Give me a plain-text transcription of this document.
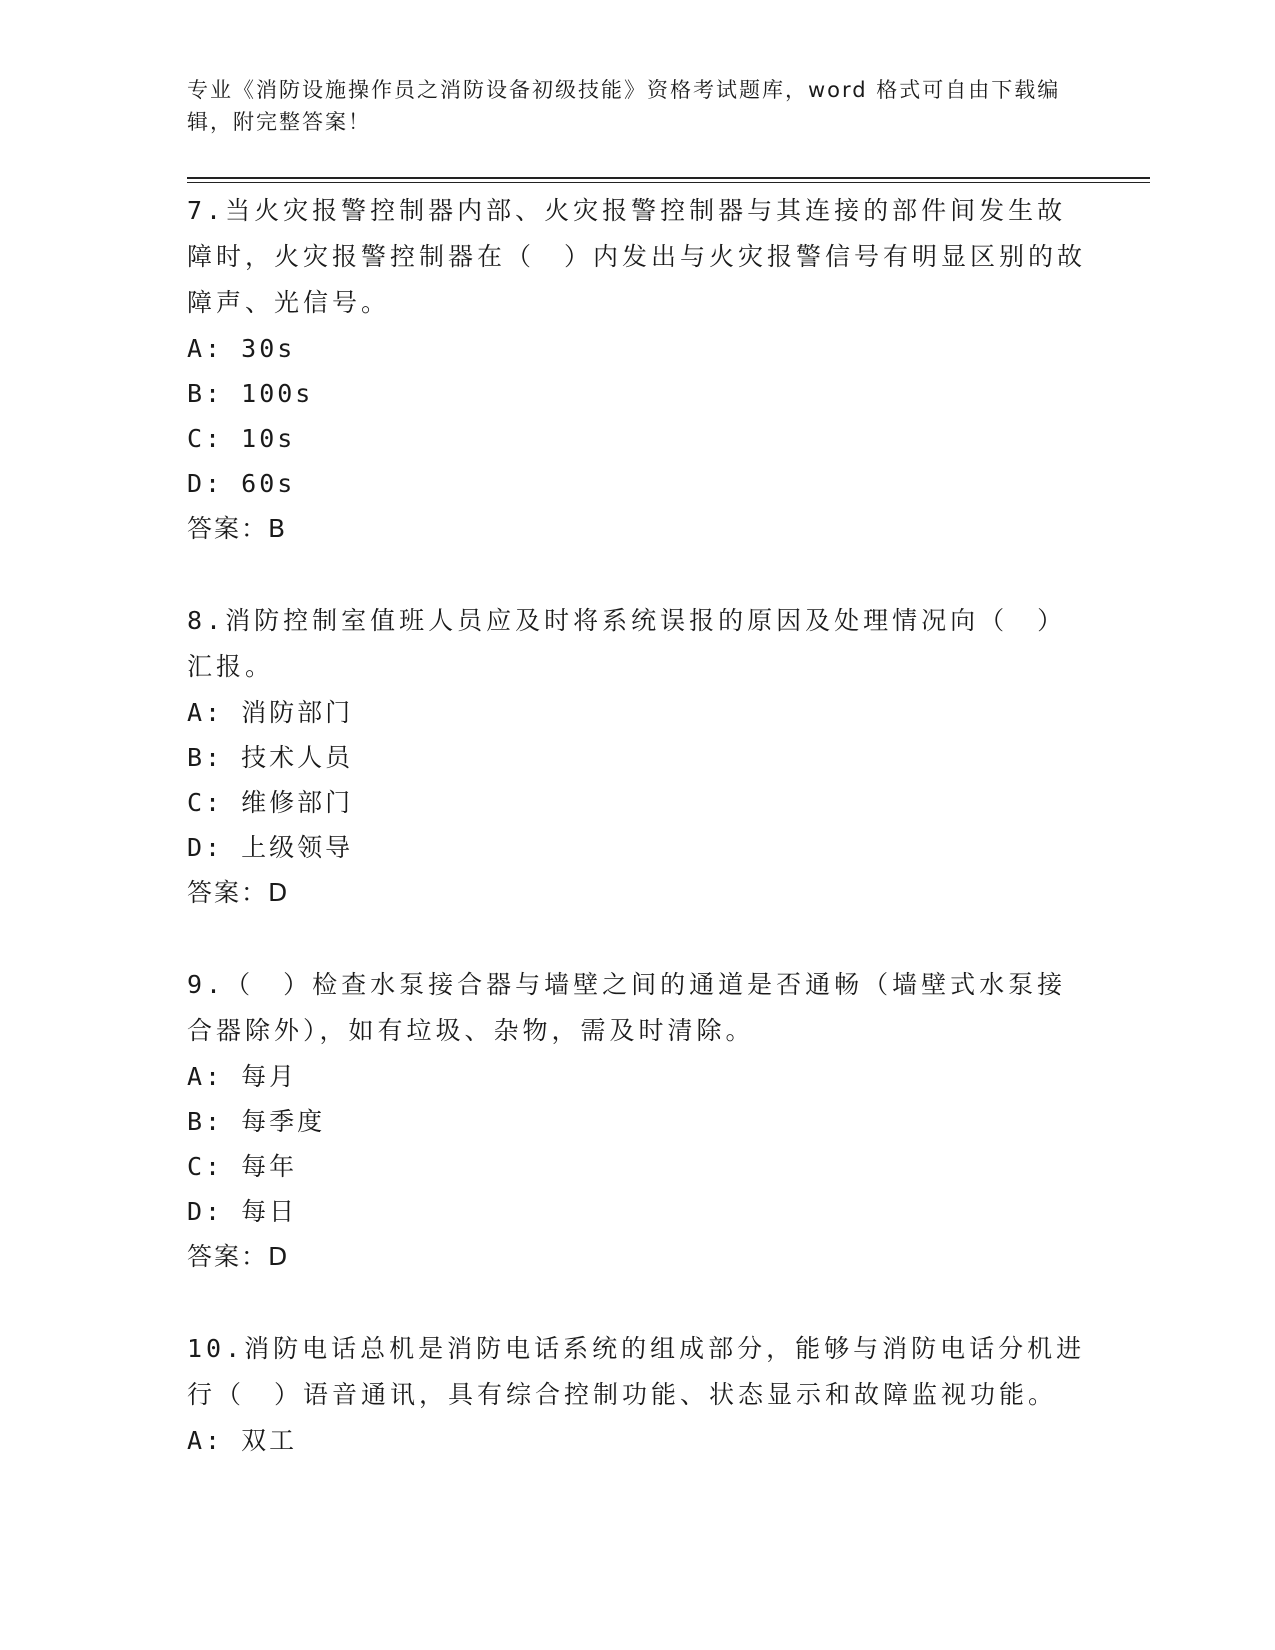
专业《消防设施操作员之消防设备初级技能》资格考试题库，word 格式可自由下载编辑，附完整答案！

7.当火灾报警控制器内部、火灾报警控制器与其连接的部件间发生故障时，火灾报警控制器在（　）内发出与火灾报警信号有明显区别的故障声、光信号。

A: 30s

B: 100s

C: 10s

D: 60s

答案：B

8.消防控制室值班人员应及时将系统误报的原因及处理情况向（　）汇报。

A: 消防部门

B: 技术人员

C: 维修部门

D: 上级领导

答案：D

9.（　）检查水泵接合器与墙壁之间的通道是否通畅（墙壁式水泵接合器除外），如有垃圾、杂物，需及时清除。

A: 每月

B: 每季度

C: 每年

D: 每日

答案：D

10.消防电话总机是消防电话系统的组成部分，能够与消防电话分机进行（　）语音通讯，具有综合控制功能、状态显示和故障监视功能。

A: 双工
